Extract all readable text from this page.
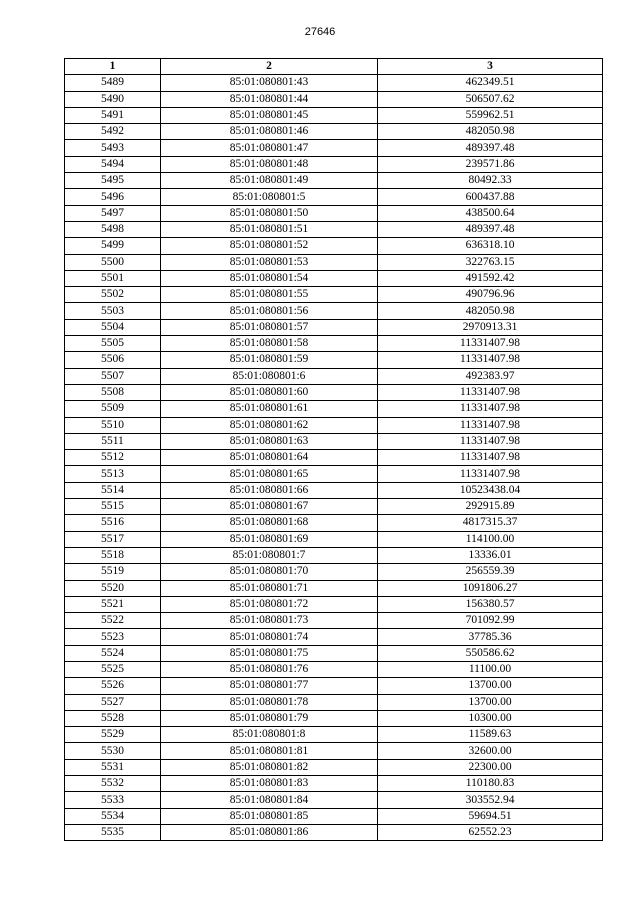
27646
1	2	3
5489	85:01:080801:43	462349.51
5490	85:01:080801:44	506507.62
5491	85:01:080801:45	559962.51
5492	85:01:080801:46	482050.98
5493	85:01:080801:47	489397.48
5494	85:01:080801:48	239571.86
5495	85:01:080801:49	80492.33
5496	85:01:080801:5	600437.88
5497	85:01:080801:50	438500.64
5498	85:01:080801:51	489397.48
5499	85:01:080801:52	636318.10
5500	85:01:080801:53	322763.15
5501	85:01:080801:54	491592.42
5502	85:01:080801:55	490796.96
5503	85:01:080801:56	482050.98
5504	85:01:080801:57	2970913.31
5505	85:01:080801:58	11331407.98
5506	85:01:080801:59	11331407.98
5507	85:01:080801:6	492383.97
5508	85:01:080801:60	11331407.98
5509	85:01:080801:61	11331407.98
5510	85:01:080801:62	11331407.98
5511	85:01:080801:63	11331407.98
5512	85:01:080801:64	11331407.98
5513	85:01:080801:65	11331407.98
5514	85:01:080801:66	10523438.04
5515	85:01:080801:67	292915.89
5516	85:01:080801:68	4817315.37
5517	85:01:080801:69	114100.00
5518	85:01:080801:7	13336.01
5519	85:01:080801:70	256559.39
5520	85:01:080801:71	1091806.27
5521	85:01:080801:72	156380.57
5522	85:01:080801:73	701092.99
5523	85:01:080801:74	37785.36
5524	85:01:080801:75	550586.62
5525	85:01:080801:76	11100.00
5526	85:01:080801:77	13700.00
5527	85:01:080801:78	13700.00
5528	85:01:080801:79	10300.00
5529	85:01:080801:8	11589.63
5530	85:01:080801:81	32600.00
5531	85:01:080801:82	22300.00
5532	85:01:080801:83	110180.83
5533	85:01:080801:84	303552.94
5534	85:01:080801:85	59694.51
5535	85:01:080801:86	62552.23
